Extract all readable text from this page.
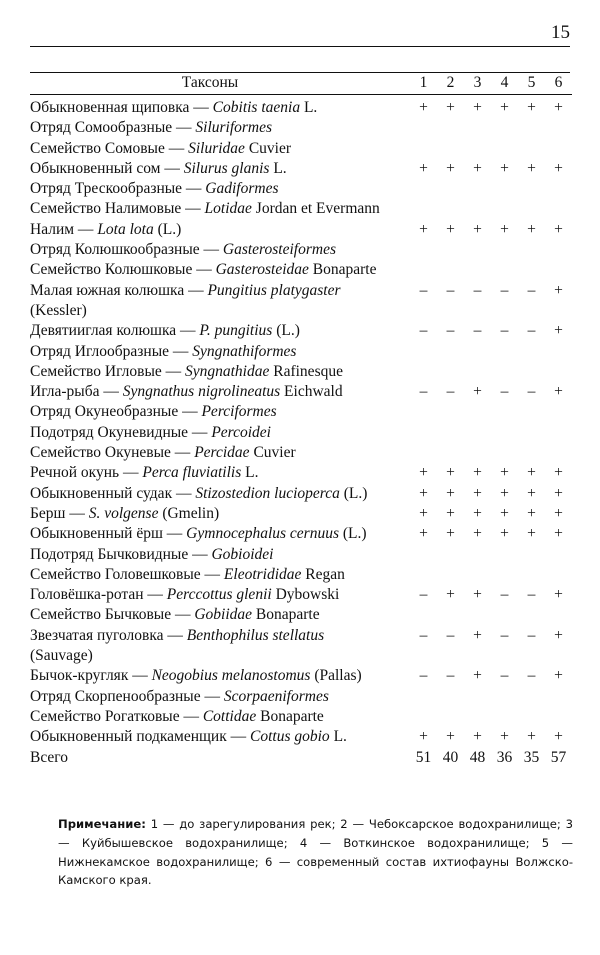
15
Таксоны	1	2	3	4	5	6
Обыкновенная щиповка — Cobitis taenia L.	+	+	+	+	+	+
Отряд Сомообразные — Siluriformes						
Семейство Сомовые — Siluridae Cuvier						
Обыкновенный сом — Silurus glanis L.	+	+	+	+	+	+
Отряд Трескообразные — Gadiformes						
Семейство Налимовые — Lotidae Jordan et Evermann						
Налим — Lota lota (L.)	+	+	+	+	+	+
Отряд Колюшкообразные — Gasterosteiformes						
Семейство Колюшковые — Gasterosteidae Bonaparte						
Малая южная колюшка — Pungitius platygaster	–	–	–	–	–	+
(Kessler)						
Девятииглая колюшка — P. pungitius (L.)	–	–	–	–	–	+
Отряд Иглообразные — Syngnathiformes						
Семейство Игловые — Syngnathidae Rafinesque						
Игла-рыба — Syngnathus nigrolineatus Eichwald	–	–	+	–	–	+
Отряд Окунеобразные — Perciformes						
Подотряд Окуневидные — Percoidei						
Семейство Окуневые — Percidae Cuvier						
Речной окунь — Perca fluviatilis L.	+	+	+	+	+	+
Обыкновенный судак — Stizostedion lucioperca (L.)	+	+	+	+	+	+
Берш — S. volgense (Gmelin)	+	+	+	+	+	+
Обыкновенный ёрш — Gymnocephalus cernuus (L.)	+	+	+	+	+	+
Подотряд Бычковидные — Gobioidei						
Семейство Головешковые — Eleotrididae Regan						
Головёшка-ротан — Perccottus glenii Dybowski	–	+	+	–	–	+
Семейство Бычковые — Gobiidae Bonaparte						
Звезчатая пуголовка — Benthophilus stellatus	–	–	+	–	–	+
(Sauvage)						
Бычок-кругляк — Neogobius melanostomus (Pallas)	–	–	+	–	–	+
Отряд Скорпенообразные — Scorpaeniformes						
Семейство Рогатковые — Cottidae Bonaparte						
Обыкновенный подкаменщик — Cottus gobio L.	+	+	+	+	+	+
Всего	51	40	48	36	35	57
Примечание: 1 — до зарегулирования рек; 2 — Чебоксарское водохранилище; 3 — Куйбышевское водохранилище; 4 — Воткинское водохранилище; 5 — Нижнекамское водохранилище; 6 — современный состав ихтиофауны Волжско-Камского края.
